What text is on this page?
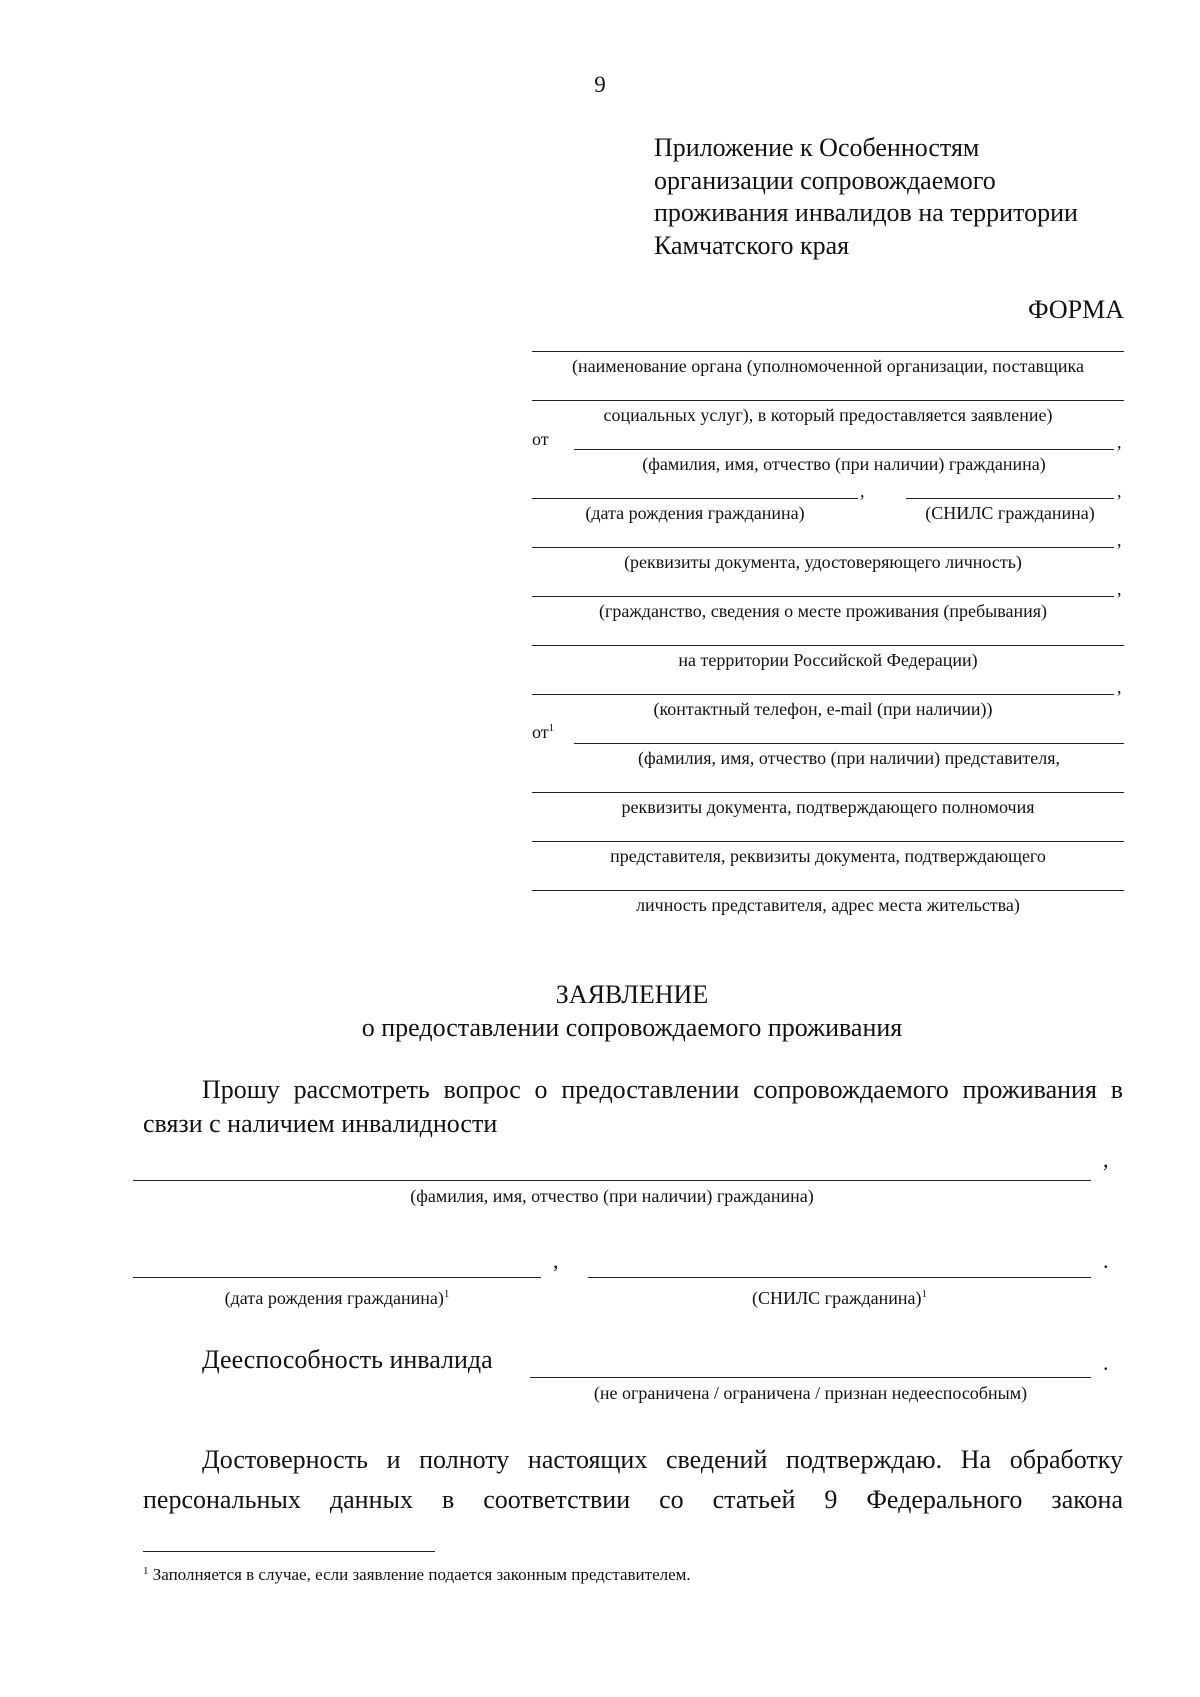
9
Приложение к Особенностям
организации сопровождаемого
проживания инвалидов на территории
Камчатского края
ФОРМА
(наименование органа (уполномоченной организации, поставщика
социальных услуг), в который предоставляется заявление)
от	,
(фамилия, имя, отчество (при наличии) гражданина)
,
(дата рождения гражданина)
,
(СНИЛС гражданина)
,
(реквизиты документа, удостоверяющего личность)
,
(гражданство, сведения о месте проживания (пребывания)
на территории Российской Федерации)
,
(контактный телефон, e-mail (при наличии))
$от^1$
(фамилия, имя, отчество (при наличии) представителя,
реквизиты документа, подтверждающего полномочия
представителя, реквизиты документа, подтверждающего
личность представителя, адрес места жительства)
ЗАЯВЛЕНИЕ
о предоставлении сопровождаемого проживания
Прошу рассмотреть вопрос о предоставлении сопровождаемого проживания в связи с наличием инвалидности
,
(фамилия, имя, отчество (при наличии) гражданина)
,
(дата рождения гражданина)$^1$
.
(СНИЛС гражданина)$^1$
Дееспособность инвалида	.
(не ограничена / ограничена / признан недееспособным)
Достоверность и полноту настоящих сведений подтверждаю. На обработку персональных данных в соответствии со статьей 9 Федерального закона
$^1$ Заполняется в случае, если заявление подается законным представителем.
